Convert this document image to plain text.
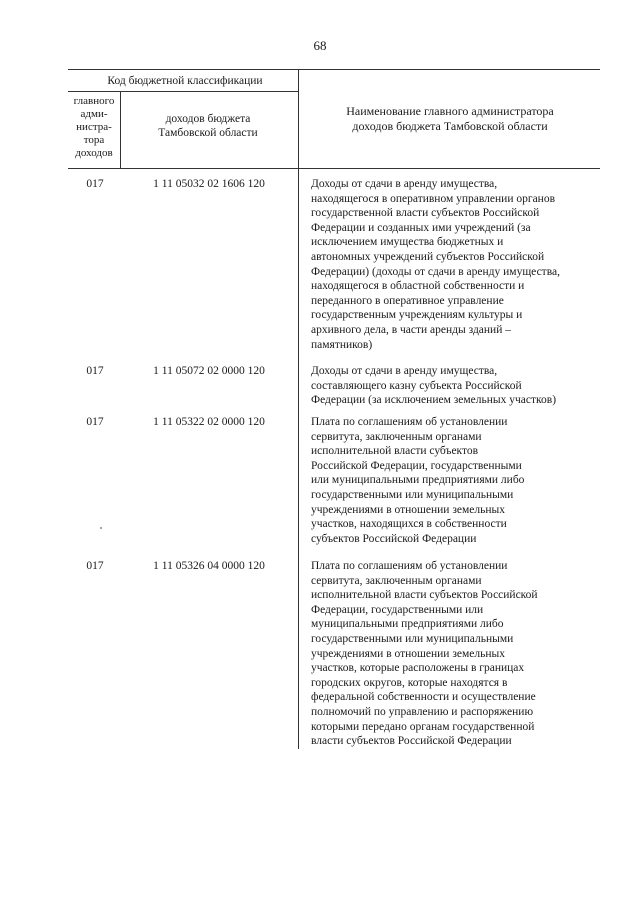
68
Код бюджетной классификации
главного
адми-
нистра-
тора
доходов
доходов бюджета
Тамбовской области
Наименование главного администратора
доходов бюджета Тамбовской области
017	1 11 05032 02 1606 120	Доходы от сдачи в аренду имущества,
находящегося в оперативном управлении органов
государственной власти субъектов Российской
Федерации и созданных ими учреждений (за
исключением имущества бюджетных и
автономных учреждений субъектов Российской
Федерации) (доходы от сдачи в аренду имущества,
находящегося в областной собственности и
переданного в оперативное управление
государственным учреждениям культуры и
архивного дела, в части аренды зданий –
памятников)
017	1 11 05072 02 0000 120	Доходы от сдачи в аренду имущества,
составляющего казну субъекта Российской
Федерации (за исключением земельных участков)
017	1 11 05322 02 0000 120	Плата по соглашениям об установлении
сервитута, заключенным органами
исполнительной власти субъектов
Российской Федерации, государственными
или муниципальными предприятиями либо
государственными или муниципальными
учреждениями в отношении земельных
участков, находящихся в собственности
субъектов Российской Федерации
017	1 11 05326 04 0000 120	Плата по соглашениям об установлении
сервитута, заключенным органами
исполнительной власти субъектов Российской
Федерации, государственными или
муниципальными предприятиями либо
государственными или муниципальными
учреждениями в отношении земельных
участков, которые расположены в границах
городских округов, которые находятся в
федеральной собственности и осуществление
полномочий по управлению и распоряжению
которыми передано органам государственной
власти субъектов Российской Федерации
